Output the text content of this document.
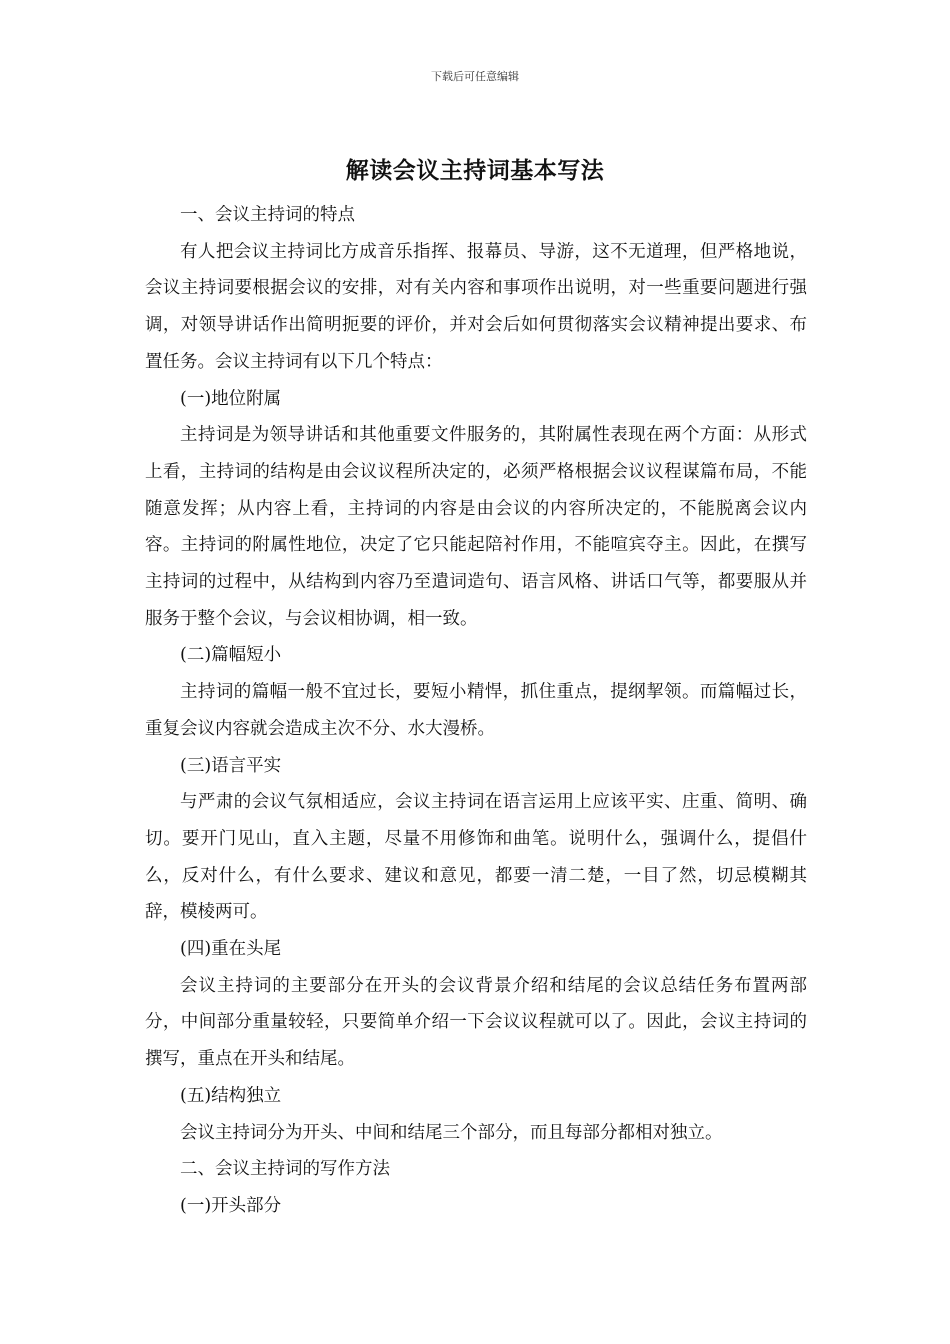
下载后可任意编辑
解读会议主持词基本写法

一、会议主持词的特点

有人把会议主持词比方成音乐指挥、报幕员、导游，这不无道理，但严格地说，会议主持词要根据会议的安排，对有关内容和事项作出说明，对一些重要问题进行强调，对领导讲话作出简明扼要的评价，并对会后如何贯彻落实会议精神提出要求、布置任务。会议主持词有以下几个特点：

(一)地位附属

主持词是为领导讲话和其他重要文件服务的，其附属性表现在两个方面：从形式上看，主持词的结构是由会议议程所决定的，必须严格根据会议议程谋篇布局，不能随意发挥；从内容上看，主持词的内容是由会议的内容所决定的，不能脱离会议内容。主持词的附属性地位，决定了它只能起陪衬作用，不能喧宾夺主。因此，在撰写主持词的过程中，从结构到内容乃至遣词造句、语言风格、讲话口气等，都要服从并服务于整个会议，与会议相协调，相一致。

(二)篇幅短小

主持词的篇幅一般不宜过长，要短小精悍，抓住重点，提纲挈领。而篇幅过长，重复会议内容就会造成主次不分、水大漫桥。

(三)语言平实

与严肃的会议气氛相适应，会议主持词在语言运用上应该平实、庄重、简明、确切。要开门见山，直入主题，尽量不用修饰和曲笔。说明什么，强调什么，提倡什么，反对什么，有什么要求、建议和意见，都要一清二楚，一目了然，切忌模糊其辞，模棱两可。

(四)重在头尾

会议主持词的主要部分在开头的会议背景介绍和结尾的会议总结任务布置两部分，中间部分重量较轻，只要简单介绍一下会议议程就可以了。因此，会议主持词的撰写，重点在开头和结尾。

(五)结构独立

会议主持词分为开头、中间和结尾三个部分，而且每部分都相对独立。

二、会议主持词的写作方法

(一)开头部分
